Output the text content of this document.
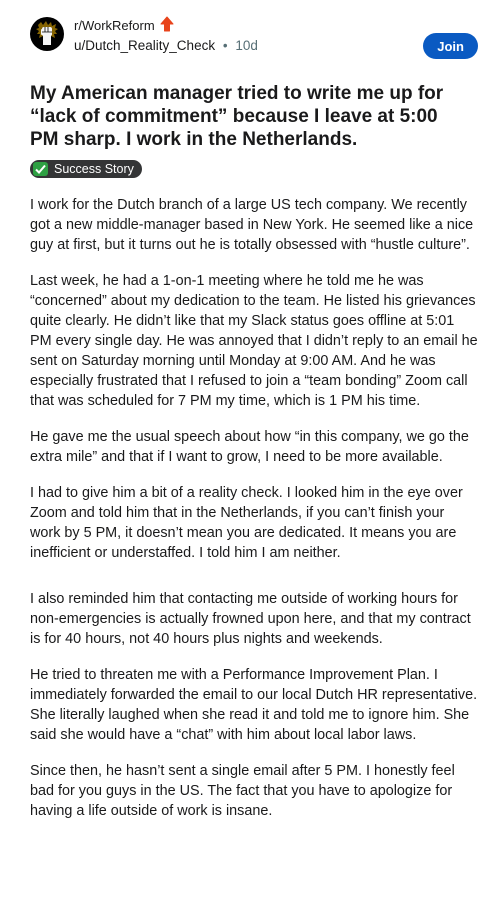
r/WorkReform
u/Dutch_Reality_Check • 10d	Join
My American manager tried to write me up for “lack of commitment” because I leave at 5:00 PM sharp. I work in the Netherlands.
Success Story

I work for the Dutch branch of a large US tech company. We recently got a new middle-manager based in New York. He seemed like a nice guy at first, but it turns out he is totally obsessed with “hustle culture”.

Last week, he had a 1-on-1 meeting where he told me he was “concerned” about my dedication to the team. He listed his grievances quite clearly. He didn’t like that my Slack status goes offline at 5:01 PM every single day. He was annoyed that I didn’t reply to an email he sent on Saturday morning until Monday at 9:00 AM. And he was especially frustrated that I refused to join a “team bonding” Zoom call that was scheduled for 7 PM my time, which is 1 PM his time.

He gave me the usual speech about how “in this company, we go the extra mile” and that if I want to grow, I need to be more available.

I had to give him a bit of a reality check. I looked him in the eye over Zoom and told him that in the Netherlands, if you can’t finish your work by 5 PM, it doesn’t mean you are dedicated. It means you are inefficient or understaffed. I told him I am neither.

I also reminded him that contacting me outside of working hours for non-emergencies is actually frowned upon here, and that my contract is for 40 hours, not 40 hours plus nights and weekends.

He tried to threaten me with a Performance Improvement Plan. I immediately forwarded the email to our local Dutch HR representative. She literally laughed when she read it and told me to ignore him. She said she would have a “chat” with him about local labor laws.

Since then, he hasn’t sent a single email after 5 PM. I honestly feel bad for you guys in the US. The fact that you have to apologize for having a life outside of work is insane.
